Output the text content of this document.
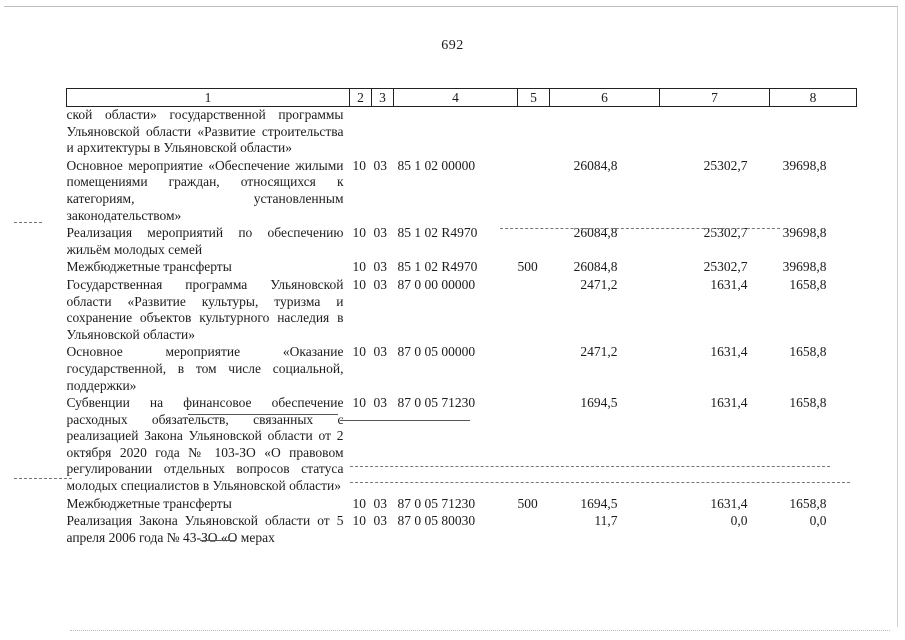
692
1	2	3	4	5	6	7	8
ской области» государственной программы Ульяновской области «Развитие строительства и архитектуры в Ульяновской области»							
Основное мероприятие «Обеспечение жилыми помещениями граждан, относящихся к категориям, установленным законодательством»	10	03	85 1 02 00000		26084,8	25302,7	39698,8
Реализация мероприятий по обеспечению жильём молодых семей	10	03	85 1 02 R4970		26084,8	25302,7	39698,8
Межбюджетные трансферты	10	03	85 1 02 R4970	500	26084,8	25302,7	39698,8
Государственная программа Ульяновской области «Развитие культуры, туризма и сохранение объектов культурного наследия в Ульяновской области»	10	03	87 0 00 00000		2471,2	1631,4	1658,8
Основное мероприятие «Оказание государственной, в том числе социальной, поддержки»	10	03	87 0 05 00000		2471,2	1631,4	1658,8
Субвенции на финансовое обеспечение расходных обязательств, связанных с реализацией Закона Ульяновской области от 2 октября 2020 года № 103-ЗО «О правовом регулировании отдельных вопросов статуса молодых специалистов в Ульяновской области»	10	03	87 0 05 71230		1694,5	1631,4	1658,8
Межбюджетные трансферты	10	03	87 0 05 71230	500	1694,5	1631,4	1658,8
Реализация Закона Ульяновской области от 5 апреля 2006 года № 43-ЗО «О мерах	10	03	87 0 05 80030		11,7	0,0	0,0
